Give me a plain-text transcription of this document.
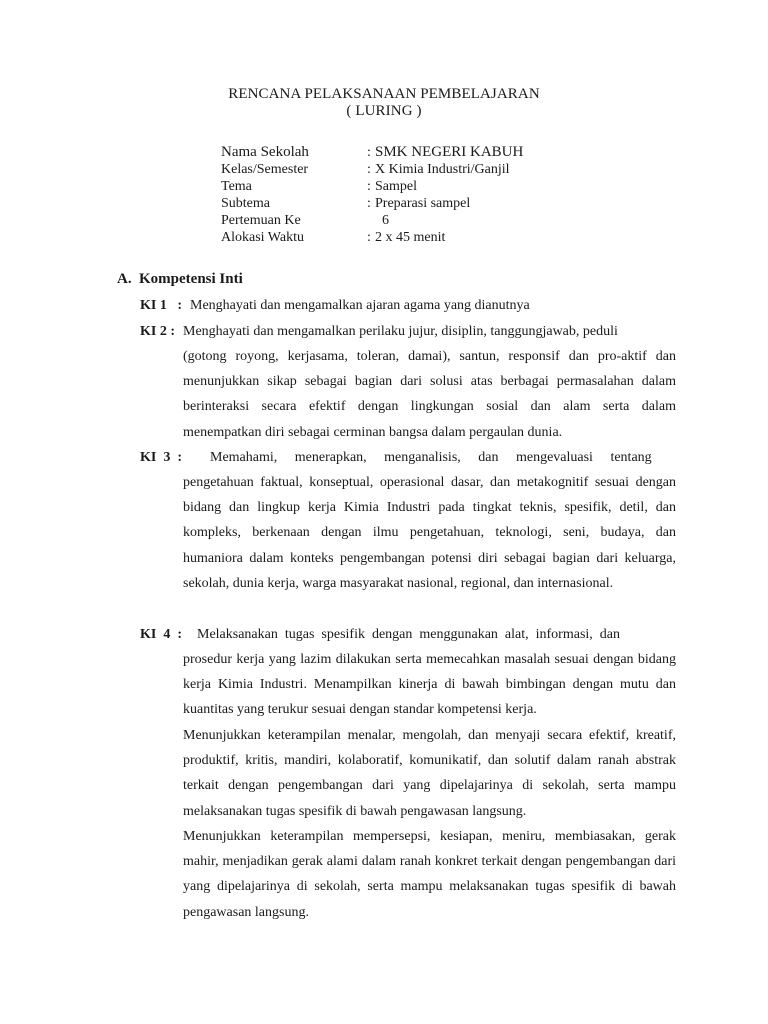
RENCANA PELAKSANAAN PEMBELAJARAN
( LURING )
Nama Sekolah	: SMK NEGERI KABUH
Kelas/Semester	: X Kimia Industri/Ganjil
Tema	: Sampel
Subtema	: Preparasi sampel
Pertemuan Ke	6
Alokasi Waktu	: 2 x 45 menit
A. Kompetensi Inti
KI 1   : Menghayati dan mengamalkan ajaran agama yang dianutnya
KI 2 : Menghayati dan mengamalkan perilaku jujur, disiplin, tanggungjawab, peduli
(gotong royong, kerjasama, toleran, damai), santun, responsif dan pro-aktif dan menunjukkan sikap sebagai bagian dari solusi atas berbagai permasalahan dalam berinteraksi secara efektif dengan lingkungan sosial dan alam serta dalam menempatkan diri sebagai cerminan bangsa dalam pergaulan dunia.
KI  3  : Memahami,     menerapkan,     menganalisis,     dan     mengevaluasi     tentang
pengetahuan faktual, konseptual, operasional dasar, dan metakognitif sesuai dengan bidang dan lingkup kerja Kimia Industri pada tingkat teknis, spesifik, detil, dan kompleks, berkenaan dengan ilmu pengetahuan, teknologi, seni, budaya, dan humaniora dalam konteks pengembangan potensi diri sebagai bagian dari keluarga, sekolah, dunia kerja, warga masyarakat nasional, regional, dan internasional.
KI  4  : Melaksanakan  tugas  spesifik  dengan  menggunakan  alat,  informasi,  dan
prosedur kerja yang lazim dilakukan serta memecahkan masalah sesuai dengan bidang kerja Kimia Industri. Menampilkan kinerja di bawah bimbingan dengan mutu dan kuantitas yang terukur sesuai dengan standar kompetensi kerja.
Menunjukkan keterampilan menalar, mengolah, dan menyaji secara efektif, kreatif, produktif, kritis, mandiri, kolaboratif, komunikatif, dan solutif dalam ranah abstrak terkait dengan pengembangan dari yang dipelajarinya di sekolah, serta mampu melaksanakan tugas spesifik di bawah pengawasan langsung.
Menunjukkan keterampilan mempersepsi, kesiapan, meniru, membiasakan, gerak mahir, menjadikan gerak alami dalam ranah konkret terkait dengan pengembangan dari yang dipelajarinya di sekolah, serta mampu melaksanakan tugas spesifik di bawah pengawasan langsung.
